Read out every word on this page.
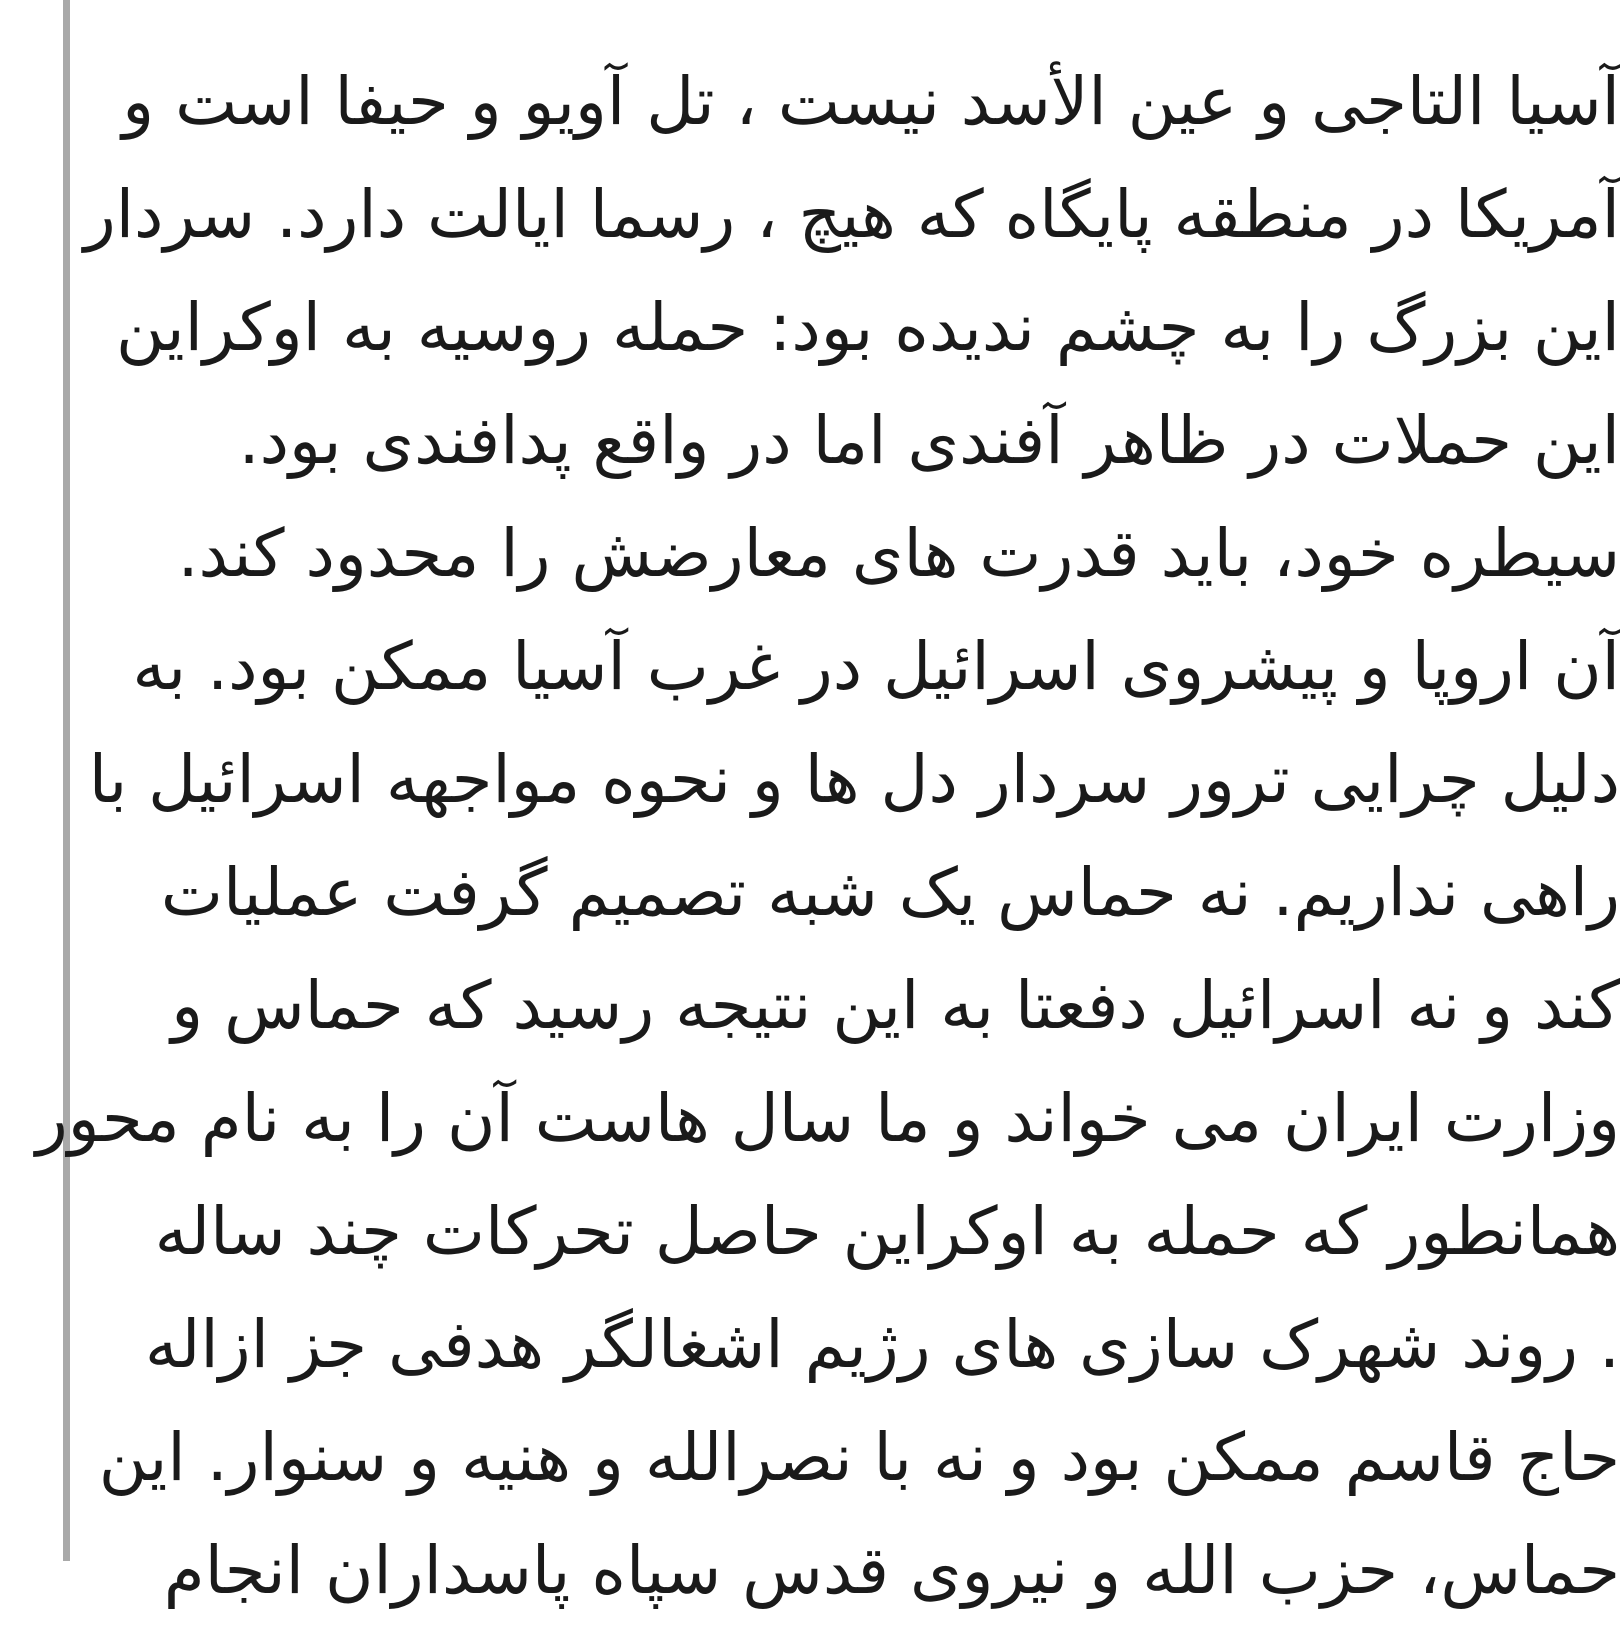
آسیا التاجی و عین الأسد نیست ، تل آویو و حیفا است و
آمریکا در منطقه پایگاه که هیچ ، رسما ایالت دارد. سردار
این بزرگ را به چشم ندیده بود: حمله روسیه به اوکراین
این حملات در ظاهر آفندی اما در واقع پدافندی بود.
سیطره خود، باید قدرت های معارضش را محدود کند.
آن اروپا و پیشروی اسرائیل در غرب آسیا ممکن بود. به
دلیل چرایی ترور سردار دل ها و نحوه مواجهه اسرائیل با
راهی نداریم. نه حماس یک شبه تصمیم گرفت عملیات
کند و نه اسرائیل دفعتا به این نتیجه رسید که حماس و
وزارت ایران می خواند و ما سال هاست آن را به نام محور
همانطور که حمله به اوکراین حاصل تحرکات چند ساله
. روند شهرک سازی های رژیم اشغالگر هدفی جز ازاله
حاج قاسم ممکن بود و نه با نصرالله و هنیه و سنوار. این
حماس، حزب الله و نیروی قدس سپاه پاسداران انجام
